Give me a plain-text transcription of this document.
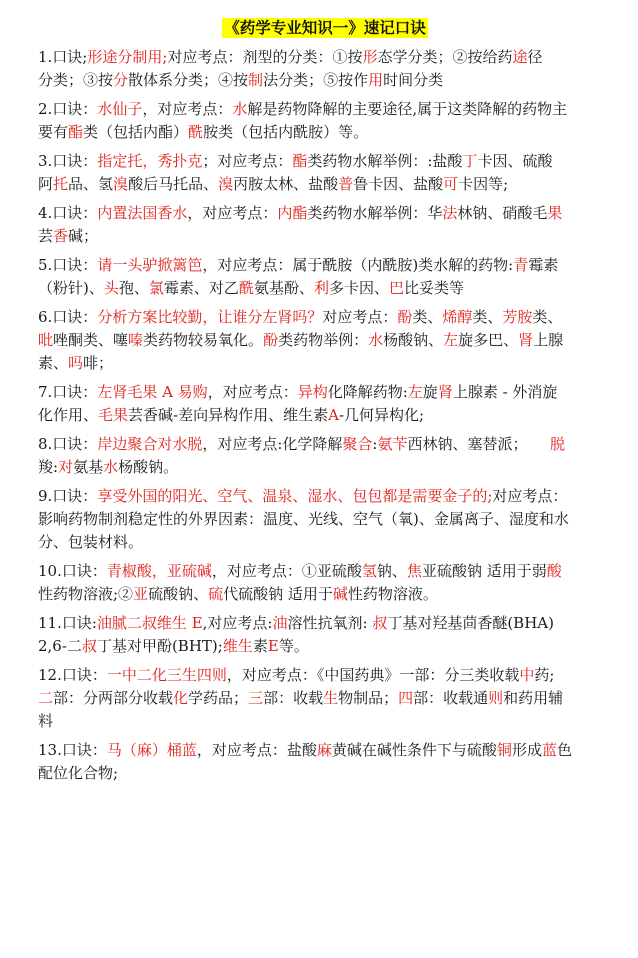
《药学专业知识一》速记口诀
1.口诀;形途分制用;对应考点：剂型的分类：①按形态学分类；②按给药途径
分类；③按分散体系分类；④按制法分类；⑤按作用时间分类
2.口诀：水仙子，对应考点：水解是药物降解的主要途径,属于这类降解的药物主
要有酯类（包括内酯）酰胺类（包括内酰胺）等。
3.口诀：指定托，秀扑克；对应考点：酯类药物水解举例：:盐酸丁卡因、硫酸
阿托品、氢溴酸后马托品、溴丙胺太林、盐酸普鲁卡因、盐酸可卡因等;
4.口诀：内置法国香水，对应考点：内酯类药物水解举例：华法林钠、硝酸毛果
芸香碱；
5.口诀：请一头驴掀篱笆，对应考点：属于酰胺（内酰胺)类水解的药物:青霉素
（粉针)、头孢、氯霉素、对乙酰氨基酚、利多卡因、巴比妥类等
6.口诀：分析方案比较勤，让谁分左肾吗？对应考点：酚类、烯醇类、芳胺类、
吡唑酮类、噻嗪类药物较易氧化。酚类药物举例：水杨酸钠、左旋多巴、肾上腺
素、吗啡；
7.口诀：左肾毛果 A 易购，对应考点：异构化降解药物:左旋肾上腺素 - 外消旋
化作用、毛果芸香碱-差向异构作用、维生素A-几何异构化;
8.口诀：岸边聚合对水脱，对应考点:化学降解聚合:氨苄西林钠、塞替派；　　脱
羧:对氨基水杨酸钠。
9.口诀：享受外国的阳光、空气、温泉、湿水、包包都是需要金子的;对应考点：
影响药物制剂稳定性的外界因素：温度、光线、空气（氧)、金属离子、湿度和水
分、包装材料。
10.口诀：青椒酸，亚硫碱，对应考点：①亚硫酸氢钠、焦亚硫酸钠 适用于弱酸
性药物溶液;②亚硫酸钠、硫代硫酸钠 适用于碱性药物溶液。
11.口诀:油腻二叔维生 E,对应考点:油溶性抗氧剂: 叔丁基对羟基茴香醚(BHA)
2,6-二叔丁基对甲酚(BHT);维生素E等。
12.口诀：一中二化三生四则，对应考点：《中国药典》一部：分三类收载中药;
二部：分两部分收载化学药品；三部：收载生物制品；四部：收载通则和药用辅
料
13.口诀：马（麻）桶蓝，对应考点：盐酸麻黄碱在碱性条件下与硫酸铜形成蓝色
配位化合物;
